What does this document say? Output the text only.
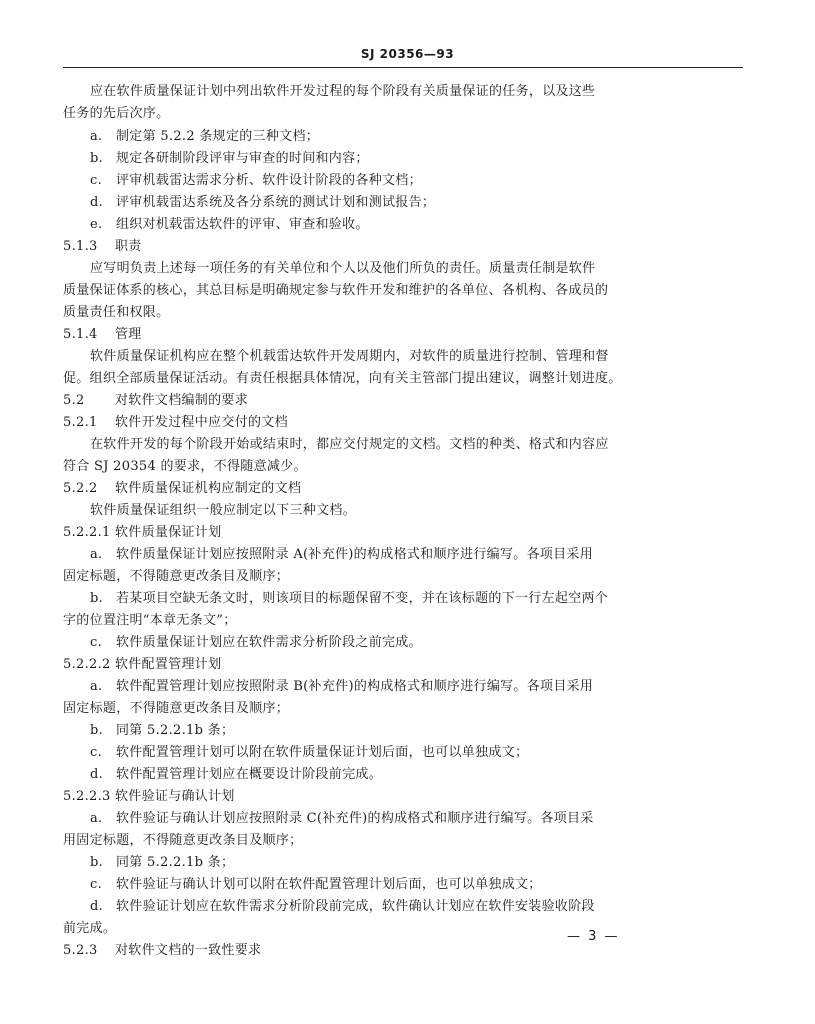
SJ 20356—93
应在软件质量保证计划中列出软件开发过程的每个阶段有关质量保证的任务，以及这些
任务的先后次序。
a. 制定第 5.2.2 条规定的三种文档；
b. 规定各研制阶段评审与审查的时间和内容；
c. 评审机载雷达需求分析、软件设计阶段的各种文档；
d. 评审机载雷达系统及各分系统的测试计划和测试报告；
e. 组织对机载雷达软件的评审、审查和验收。
5.1.3 职责
应写明负责上述每一项任务的有关单位和个人以及他们所负的责任。质量责任制是软件
质量保证体系的核心，其总目标是明确规定参与软件开发和维护的各单位、各机构、各成员的
质量责任和权限。
5.1.4 管理
软件质量保证机构应在整个机载雷达软件开发周期内，对软件的质量进行控制、管理和督
促。组织全部质量保证活动。有责任根据具体情况，向有关主管部门提出建议，调整计划进度。
5.2 对软件文档编制的要求
5.2.1 软件开发过程中应交付的文档
在软件开发的每个阶段开始或结束时，都应交付规定的文档。文档的种类、格式和内容应
符合 SJ 20354 的要求，不得随意减少。
5.2.2 软件质量保证机构应制定的文档
软件质量保证组织一般应制定以下三种文档。
5.2.2.1 软件质量保证计划
a. 软件质量保证计划应按照附录 A(补充件)的构成格式和顺序进行编写。各项目采用
固定标题，不得随意更改条目及顺序；
b. 若某项目空缺无条文时，则该项目的标题保留不变，并在该标题的下一行左起空两个
字的位置注明“本章无条文”；
c. 软件质量保证计划应在软件需求分析阶段之前完成。
5.2.2.2 软件配置管理计划
a. 软件配置管理计划应按照附录 B(补充件)的构成格式和顺序进行编写。各项目采用
固定标题，不得随意更改条目及顺序；
b. 同第 5.2.2.1b 条；
c. 软件配置管理计划可以附在软件质量保证计划后面，也可以单独成文；
d. 软件配置管理计划应在概要设计阶段前完成。
5.2.2.3 软件验证与确认计划
a. 软件验证与确认计划应按照附录 C(补充件)的构成格式和顺序进行编写。各项目采
用固定标题，不得随意更改条目及顺序；
b. 同第 5.2.2.1b 条；
c. 软件验证与确认计划可以附在软件配置管理计划后面，也可以单独成文；
d. 软件验证计划应在软件需求分析阶段前完成，软件确认计划应在软件安装验收阶段
前完成。
5.2.3 对软件文档的一致性要求
— 3 —
